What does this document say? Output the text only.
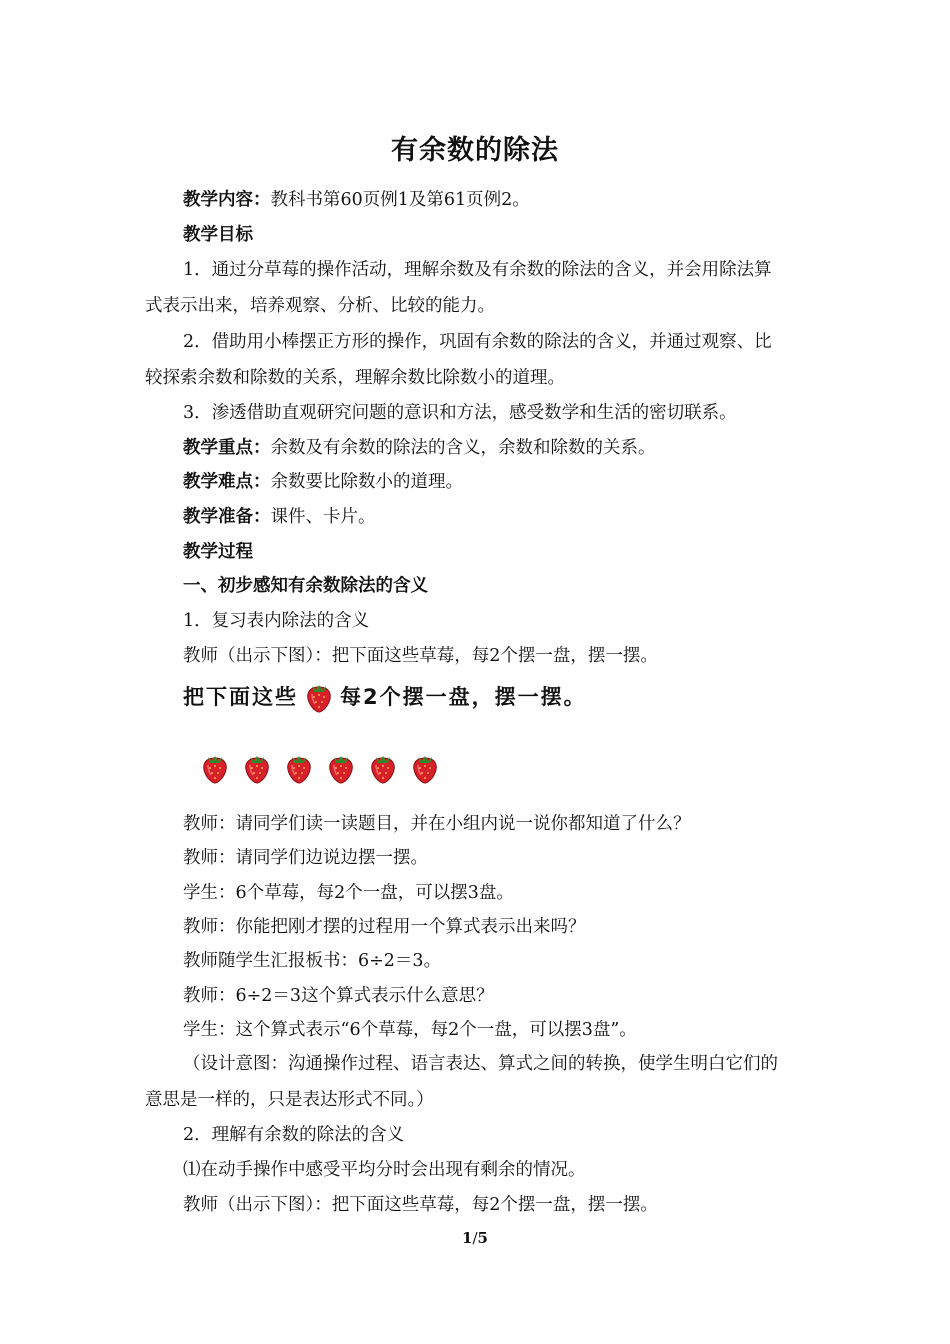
有余数的除法
教学内容：教科书第60页例1及第61页例2。
教学目标
1．通过分草莓的操作活动，理解余数及有余数的除法的含义，并会用除法算
式表示出来，培养观察、分析、比较的能力。
2．借助用小棒摆正方形的操作，巩固有余数的除法的含义，并通过观察、比
较探索余数和除数的关系，理解余数比除数小的道理。
3．渗透借助直观研究问题的意识和方法，感受数学和生活的密切联系。
教学重点：余数及有余数的除法的含义，余数和除数的关系。
教学难点：余数要比除数小的道理。
教学准备：课件、卡片。
教学过程
一、初步感知有余数除法的含义
1．复习表内除法的含义
教师（出示下图）：把下面这些草莓，每2个摆一盘，摆一摆。
把下面这些 每2个摆一盘，摆一摆。
教师：请同学们读一读题目，并在小组内说一说你都知道了什么？
教师：请同学们边说边摆一摆。
学生：6个草莓，每2个一盘，可以摆3盘。
教师：你能把刚才摆的过程用一个算式表示出来吗？
教师随学生汇报板书：6÷2＝3。
教师：6÷2＝3这个算式表示什么意思？
学生：这个算式表示“6个草莓，每2个一盘，可以摆3盘”。
（设计意图：沟通操作过程、语言表达、算式之间的转换，使学生明白它们的
意思是一样的，只是表达形式不同。）
2．理解有余数的除法的含义
⑴在动手操作中感受平均分时会出现有剩余的情况。
教师（出示下图）：把下面这些草莓，每2个摆一盘，摆一摆。
1/5
